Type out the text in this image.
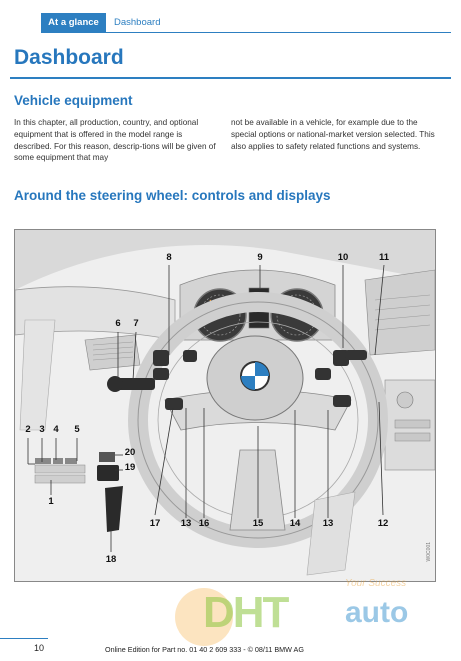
At a glance	Dashboard
Dashboard
Vehicle equipment
In this chapter, all production, country, and optional equipment that is offered in the model range is described. For this reason, descrip-tions will be given of some equipment that may
not be available in a vehicle, for example due to the special options or national-market version selected. This also applies to safety related functions and systems.
Around the steering wheel: controls and displays
8	9	10	11
6	7
2 3 4	5
20
19
1
17 13 16	15	14 13	12
18	W0C001
10	Online Edition for Part no. 01 40 2 609 333 - © 08/11 BMW AG
DHT
Your Success
auto
